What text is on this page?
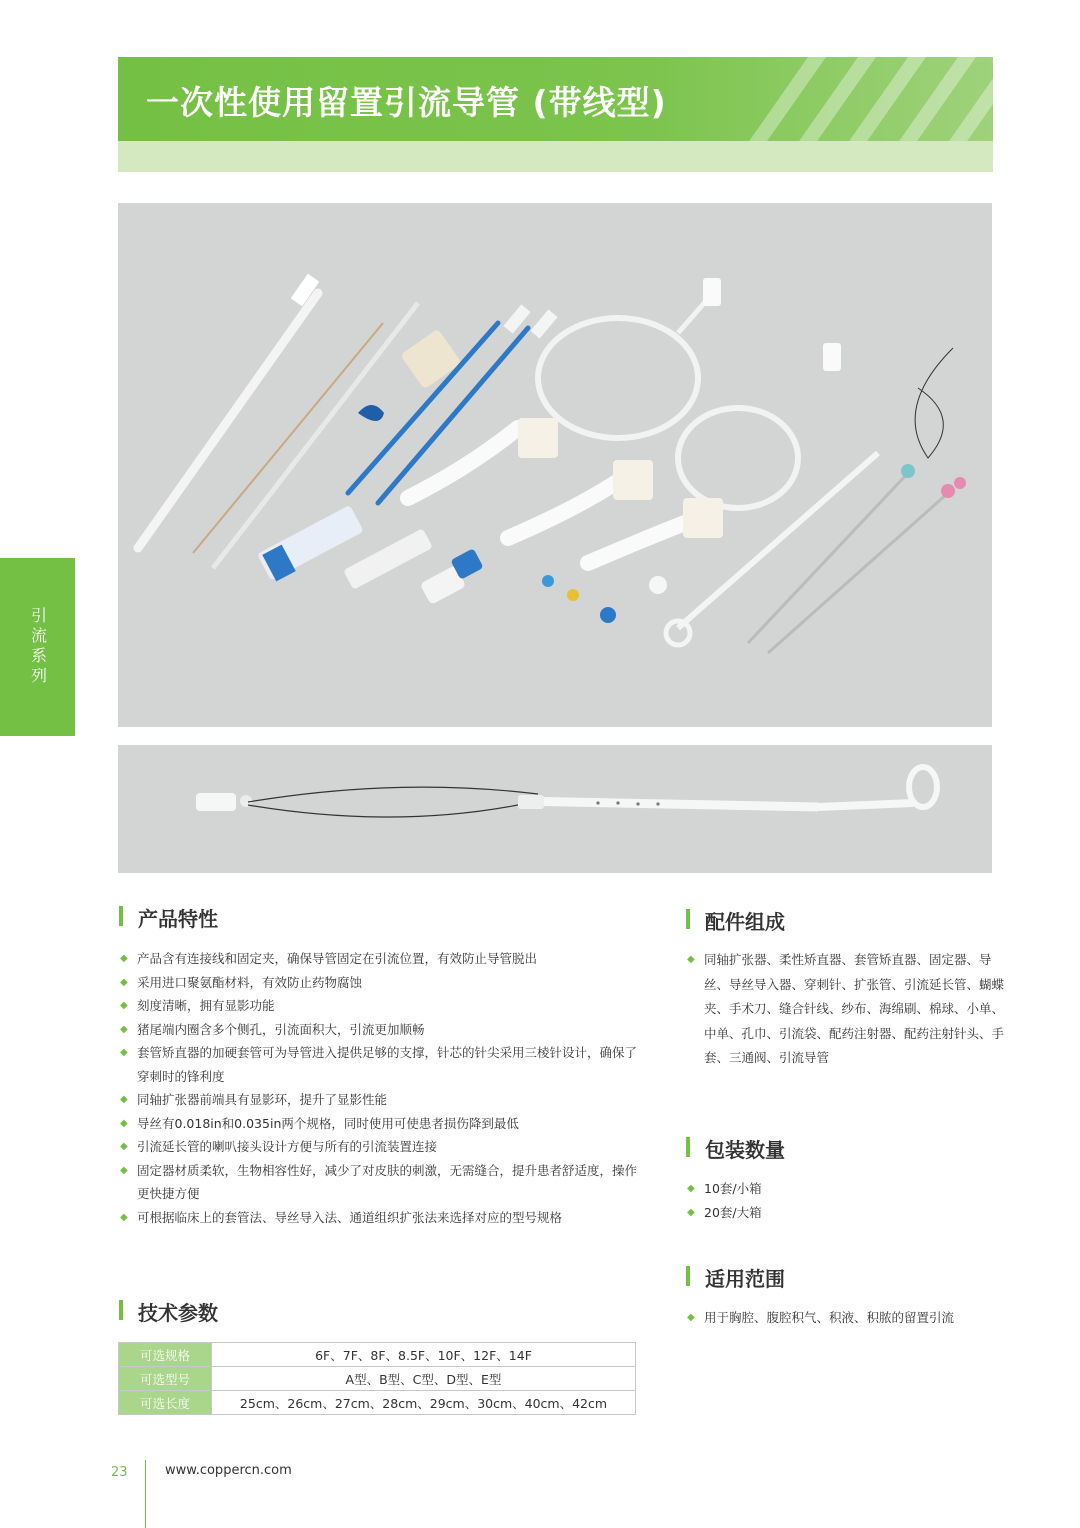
一次性使用留置引流导管 (带线型)
引流系列
产品特性
◆ 产品含有连接线和固定夹，确保导管固定在引流位置，有效防止导管脱出
◆ 采用进口聚氨酯材料，有效防止药物腐蚀
◆ 刻度清晰，拥有显影功能
◆ 猪尾端内圈含多个侧孔，引流面积大，引流更加顺畅
◆ 套管矫直器的加硬套管可为导管进入提供足够的支撑，针芯的针尖采用三棱针设计，确保了穿刺时的锋利度
◆ 同轴扩张器前端具有显影环，提升了显影性能
◆ 导丝有0.018in和0.035in两个规格，同时使用可使患者损伤降到最低
◆ 引流延长管的喇叭接头设计方便与所有的引流装置连接
◆ 固定器材质柔软，生物相容性好，减少了对皮肤的刺激，无需缝合，提升患者舒适度，操作更快捷方便
◆ 可根据临床上的套管法、导丝导入法、通道组织扩张法来选择对应的型号规格
技术参数
可选规格	6F、7F、8F、8.5F、10F、12F、14F
可选型号	A型、B型、C型、D型、E型
可选长度	25cm、26cm、27cm、28cm、29cm、30cm、40cm、42cm
配件组成
◆ 同轴扩张器、柔性矫直器、套管矫直器、固定器、导丝、导丝导入器、穿刺针、扩张管、引流延长管、蝴蝶夹、手术刀、缝合针线、纱布、海绵刷、棉球、小单、中单、孔巾、引流袋、配药注射器、配药注射针头、手套、三通阀、引流导管
包装数量
◆ 10套/小箱
◆ 20套/大箱
适用范围
◆ 用于胸腔、腹腔积气、积液、积脓的留置引流
23	www.coppercn.com
